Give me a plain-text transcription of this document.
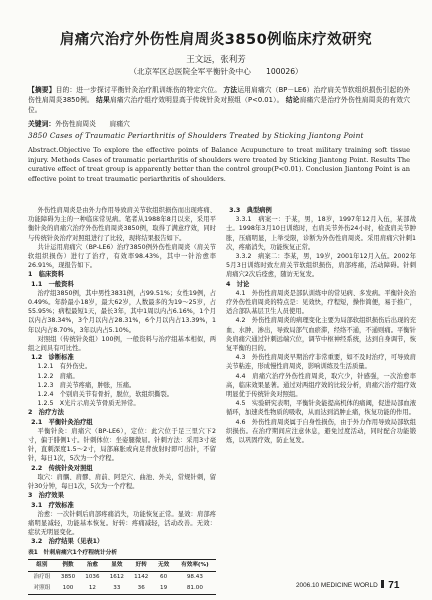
肩痛穴治疗外伤性肩周炎3850例临床疗效研究
王文远，张利芳
（北京军区总医院全军平衡针灸中心　　100026）
【摘要】目的：进一步探讨平衡针灸治疗肌训练伤的特定穴位。 方法运用肩痛穴（BP－LE6）治疗肩关节软组织损伤引起的外伤性肩周炎3850例。 结果肩痛穴治疗组疗效明显高于传统针灸对照组（P<0.01）。 结论肩痛穴是治疗外伤性肩周炎的有效穴位。
关键词：外伤性肩周炎　　肩痛穴
3850 Cases of Traumatic Periarthritis of Shoulders Treated by Sticking Jiantong Point
Abstract.Objective To explore the effective points of Balance Acupuncture to treat military training soft tissue injury. Methods Cases of traumatic periarthritis of shoulders were treated by Sticking Jiantong Point. Results The curative effect of treat group is apparently better than the control group(P<0.01). Conclusion Jiantong Point is an effective point to treat traumatic periarthritis of shoulders.

外伤性肩周炎是由外力作用导致肩关节软组织损伤而出现疼痛、功能障碍为主的一种临床常见病。笔者从1988年8月以来，采用平衡针灸的肩痛穴治疗外伤性肩周炎3850例，取得了满意疗效，同时与传统针灸治疗对照组进行了比较，现将结果报告如下。

共计运用肩痛穴（BP-LE6）治疗3850例外伤性肩周炎（肩关节软组织损伤）进行了治疗，有效率98.43%，其中一针治愈率26.91%，现报告如下。

1　临床资料

1.1　一般资料

治疗组3850例，其中男性3831例，占99.51%；女性19例，占0.49%。年龄最小18岁，最大62岁，人数最多的为19～25岁，占55.95%；病程最短1天，最长3年，其中1周以内占6.16%，1个月以内占38.34%，3个月以内占28.31%，6个月以内占13.39%，1年以内占8.70%，3年以内占5.10%。

对照组（传统针灸组）100例，一般资料与治疗组基本相似，两组之间具有可比性。

1.2　诊断标准

1.2.1　有外伤史。

1.2.2　肩痛。

1.2.3　肩关节疼痛，肿胀，压痛。

1.2.4　个别肩关节有骨折，脱位，软组织撕裂。

1.2.5　X光片示肩关节骨质无异常。

2　治疗方法

2.1　平衡针灸治疗组

平衡针灸：肩痛穴（BP-LE6），定位：此穴位于足三里穴下2寸，偏于腓侧1寸。针刺体位：坐姿腿微屈。针刺方法：采用3寸毫针，直刺深度1.5～2寸，局部麻胀或向足背放射时即可出针，不留针，每日1次，5次为一个疗程。

2.2　传统针灸对照组

取穴：肩髃、肩髎、肩前、阿是穴、曲池、外关，常规针刺，留针30分钟，每日1次，5次为一个疗程。

3　治疗效果

3.1　疗效标准

治愈：一次针刺后肩部疼痛消失，功能恢复正常。显效：肩部疼痛明显减轻，功能基本恢复。好转：疼痛减轻，活动改善。无效：症状无明显变化。

3.2　治疗结果（见表1）

表1　针刺肩痛穴1个疗程统计分析
组别	例数	治愈	显效	好转	无效	有效率(%)
治疗组	3850	1036	1612	1142	60	98.43
对照组	100	12	33	36	19	81.00

3.3　典型病例

3.3.1　病案一：于某，男，18岁，1997年12月入伍，某部战士。1998年3月10日训练时，右肩关节外伤24小时，检查肩关节肿胀，压痛明显，上举受限，诊断为外伤性肩周炎。采用肩痛穴针刺1次，疼痛消失，功能恢复正常。

3.3.2　病案二：李某，男，19岁，2001年12月入伍。2002年5月3日训练时致左肩关节软组织损伤，肩部疼痛，活动障碍。针刺肩痛穴2次后痊愈，随访无复发。

4　讨论

4.1　外伤性肩周炎是部队训练中的常见病、多发病。平衡针灸治疗外伤性肩周炎的特点是：见效快，疗程短，操作简便，易于推广，适合部队基层卫生人员使用。

4.2　外伤性肩周炎的病理变化主要为局部软组织损伤后出现的充血、水肿、渗出，导致局部气血瘀滞，经络不通，不通则痛。平衡针灸肩痛穴通过针刺远端穴位，调节中枢神经系统，达到自身调节，恢复平衡的目的。

4.3　外伤性肩周炎早期治疗非常重要，如不及时治疗，可导致肩关节粘连，形成慢性肩周炎，影响训练及生活质量。

4.4　肩痛穴治疗外伤性肩周炎，取穴少，针感强，一次治愈率高，临床效果显著。通过对两组疗效的比较分析，肩痛穴治疗组疗效明显优于传统针灸对照组。

4.5　实验研究表明，平衡针灸能提高机体的痛阈，促进局部血液循环，加速炎性物质的吸收，从而达到消肿止痛，恢复功能的作用。

4.6　外伤性肩周炎属于自身性损伤，由于外力作用导致局部软组织损伤。在治疗期间应注意休息，避免过度活动，同时配合功能锻炼，以巩固疗效，防止复发。

2006.10 MEDICINE WORLD 71
